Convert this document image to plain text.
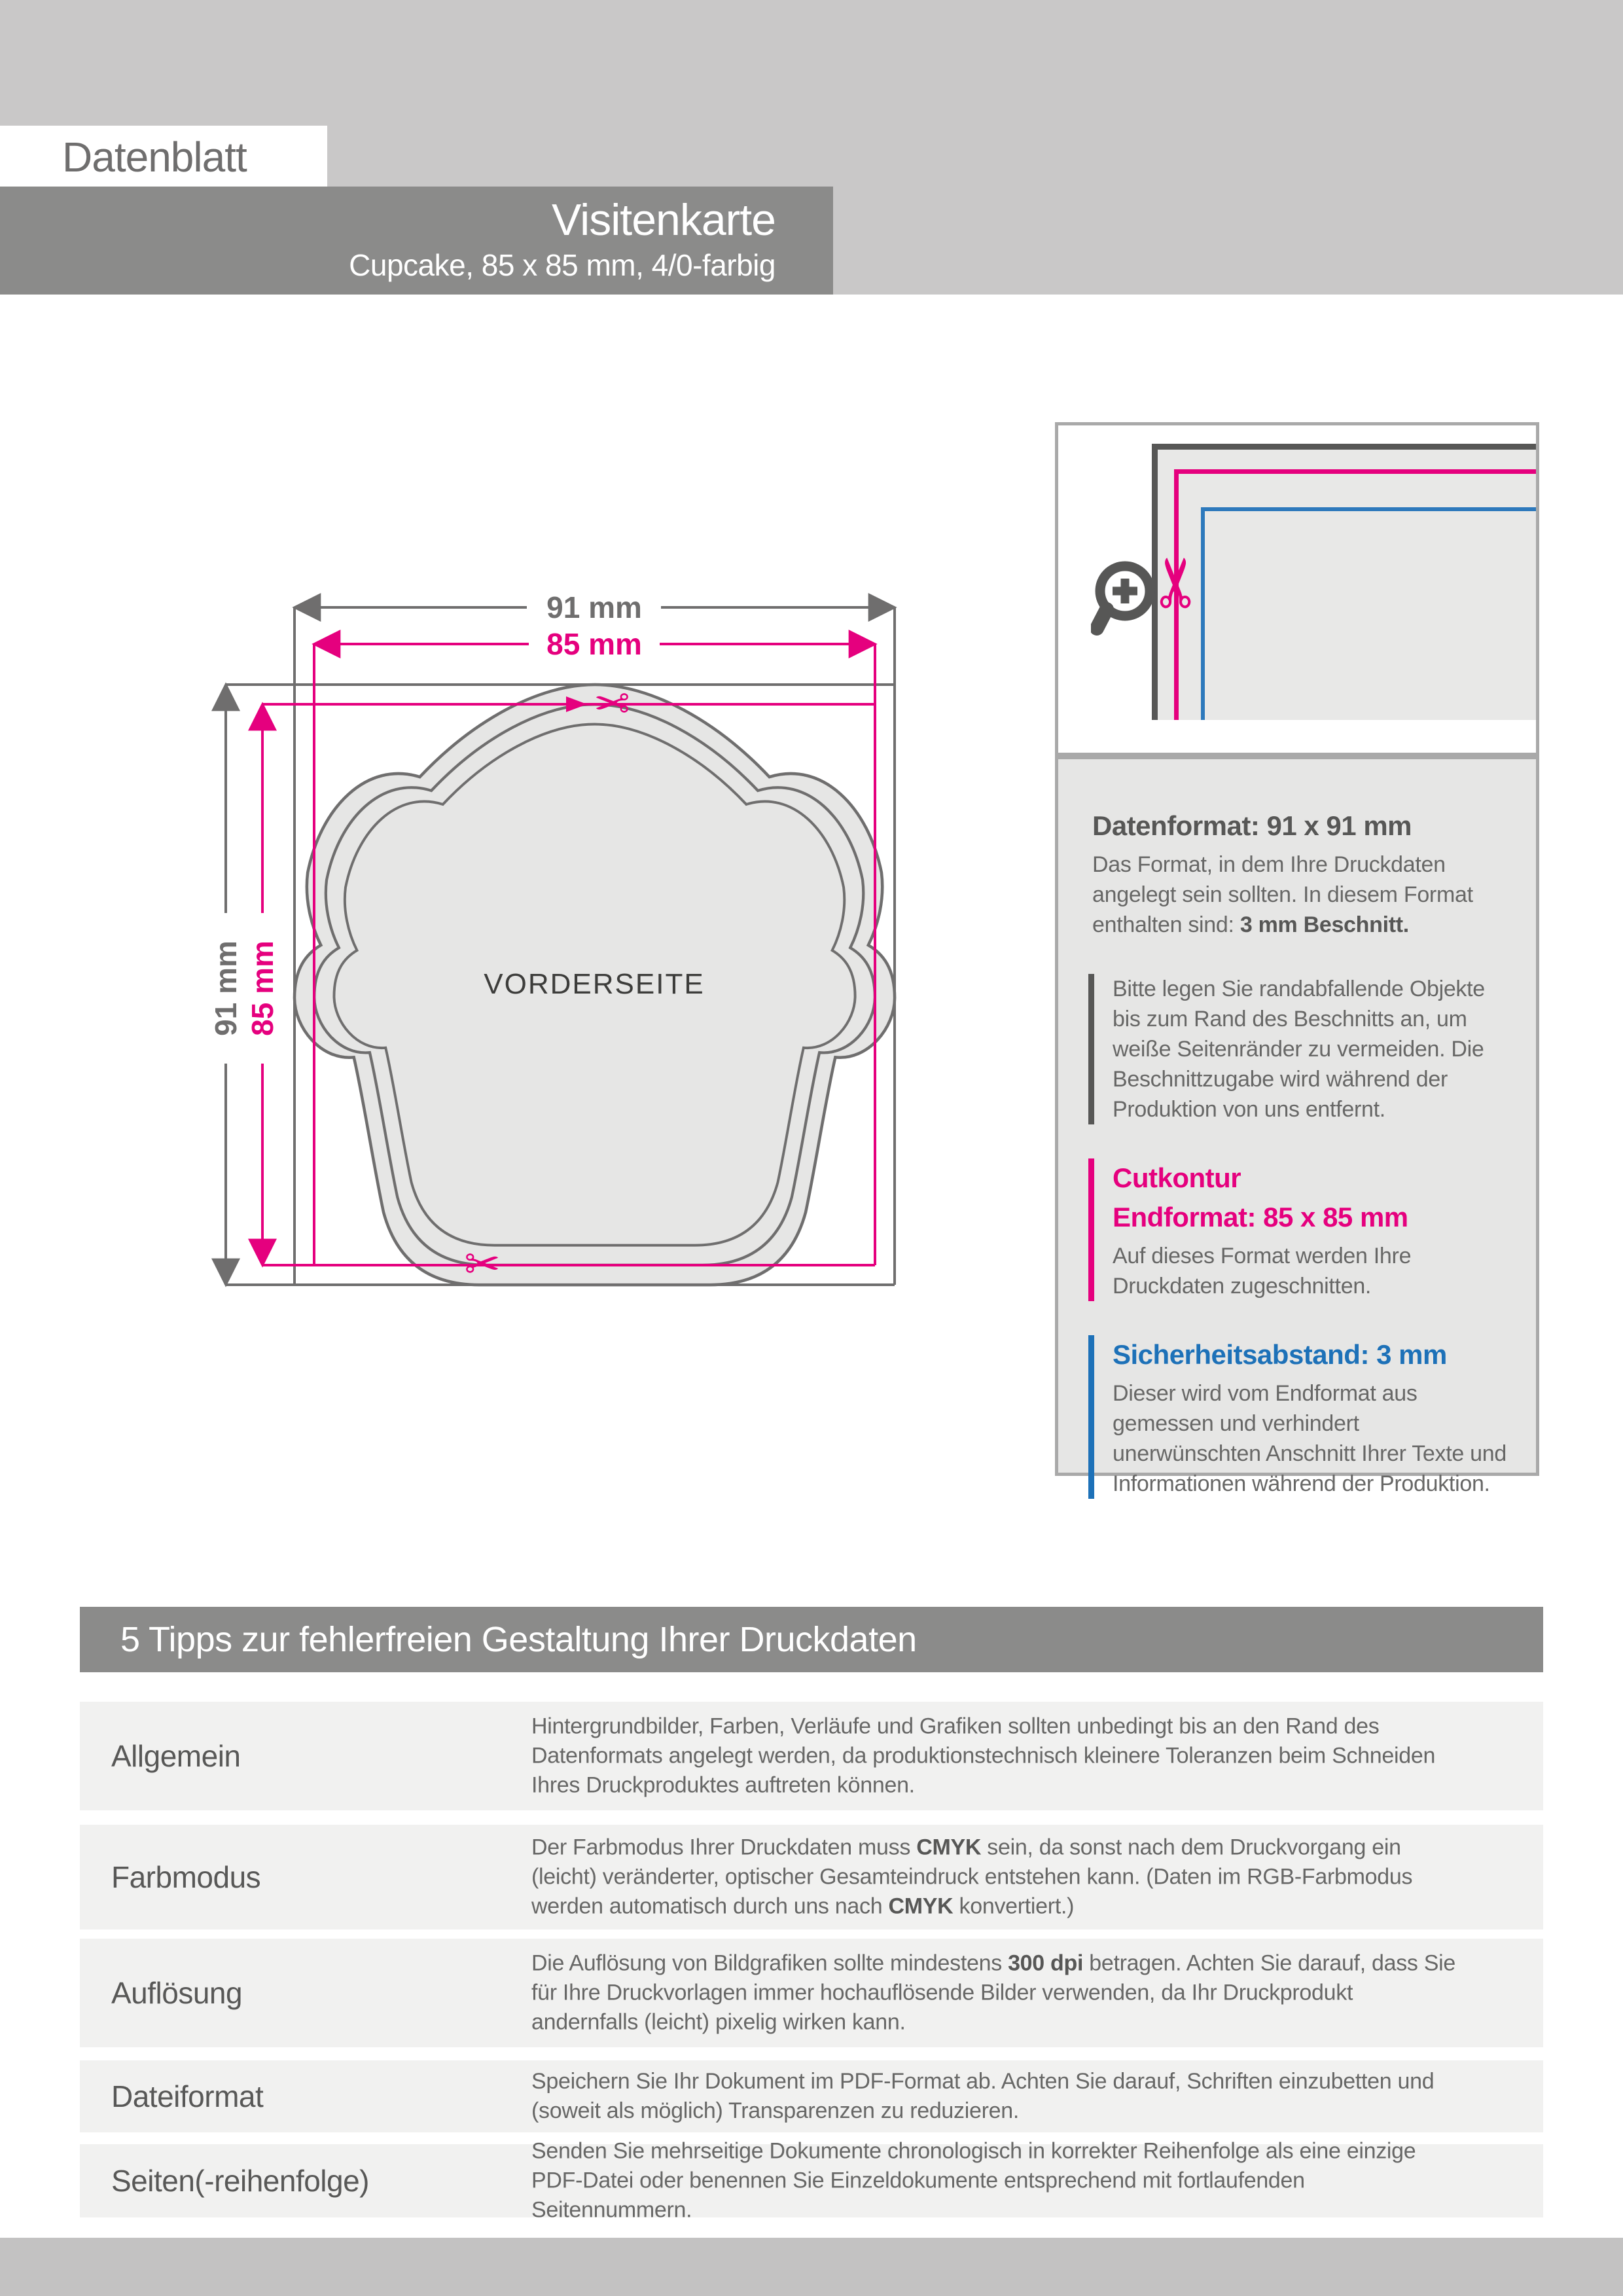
Datenblatt
Visitenkarte
Cupcake, 85 x 85 mm, 4/0-farbig
91 mm
85 mm
91 mm 85 mm	VORDERSEITE
✂
✂
✂
Datenformat: 91 x 91 mm
Das Format, in dem Ihre Druckdaten angelegt sein sollten. In diesem Format enthalten sind: 3 mm Beschnitt.
Bitte legen Sie randabfallende Objekte bis zum Rand des Beschnitts an, um weiße Seitenränder zu vermeiden. Die Beschnittzugabe wird während der Produktion von uns entfernt.
Cutkontur
Endformat: 85 x 85 mm
Auf dieses Format werden Ihre Druckdaten zugeschnitten.
Sicherheitsabstand: 3 mm
Dieser wird vom Endformat aus gemessen und verhindert unerwünschten Anschnitt Ihrer Texte und Informationen während der Produktion.
5 Tipps zur fehlerfreien Gestaltung Ihrer Druckdaten
Allgemein
Hintergrundbilder, Farben, Verläufe und Grafiken sollten unbedingt bis an den Rand des Datenformats angelegt werden, da produktionstechnisch kleinere Toleranzen beim Schneiden Ihres Druckproduktes auftreten können.
Farbmodus
Der Farbmodus Ihrer Druckdaten muss CMYK sein, da sonst nach dem Druckvorgang ein (leicht) veränderter, optischer Gesamteindruck entstehen kann. (Daten im RGB-Farbmodus werden automatisch durch uns nach CMYK konvertiert.)
Auflösung
Die Auflösung von Bildgrafiken sollte mindestens 300 dpi betragen. Achten Sie darauf, dass Sie für Ihre Druckvorlagen immer hochauflösende Bilder verwenden, da Ihr Druckprodukt andernfalls (leicht) pixelig wirken kann.
Dateiformat	Speichern Sie Ihr Dokument im PDF-Format ab. Achten Sie darauf, Schriften einzubetten und (soweit als möglich) Transparenzen zu reduzieren.
Seiten(-reihenfolge)
Senden Sie mehrseitige Dokumente chronologisch in korrekter Reihenfolge als eine einzige PDF-Datei oder benennen Sie Einzeldokumente entsprechend mit fortlaufenden Seitennummern.
